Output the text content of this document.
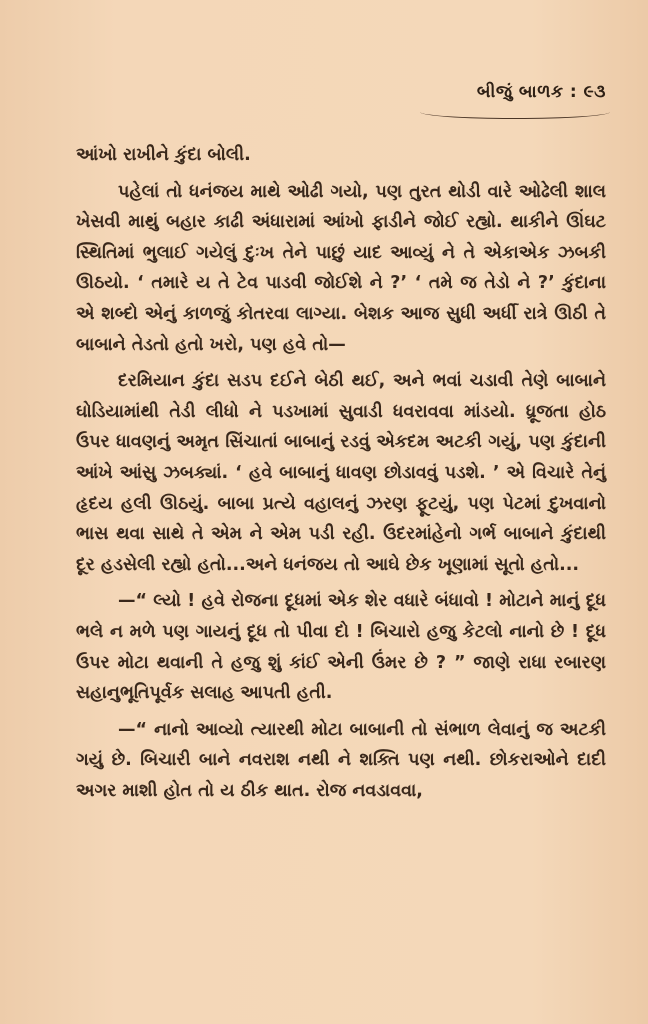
બીજું બાળક : ૯૩

આંખો રાખીને કુંદા બોલી.

પહેલાં તો ધનંજય માથે ઓઢી ગયો, પણ તુરત થોડી વારે ઓઢેલી શાલ ખેસવી માથું બહાર કાઢી અંધારામાં આંખો ફાડીને જોઈ રહ્યો. થાકીને ઊંઘટ સ્થિતિમાં ભુલાઈ ગયેલું દુઃખ તેને પાછું યાદ આવ્યું ને તે એકાએક ઝબકી ઊઠયો. ‘ તમારે ય તે ટેવ પાડવી જોઈશે ને ?’ ‘ તમે જ તેડો ને ?’ કુંદાના એ શબ્દો એનું કાળજું કોતરવા લાગ્યા. બેશક આજ સુધી અર્ધી રાત્રે ઊઠી તે બાબાને તેડતો હતો ખરો, પણ હવે તો—

દરમિયાન કુંદા સડપ દઈને બેઠી થઈ, અને ભવાં ચડાવી તેણે બાબાને ઘોડિયામાંથી તેડી લીધો ને પડખામાં સુવાડી ધવરાવવા માંડયો. ધ્રૂજતા હોઠ ઉપર ધાવણનું અમૃત સિંચાતાં બાબાનું રડવું એકદમ અટકી ગયું, પણ કુંદાની આંખે આંસુ ઝબક્યાં. ‘ હવે બાબાનું ધાવણ છોડાવવું પડશે. ’ એ વિચારે તેનું હૃદય હલી ઊઠયું. બાબા પ્રત્યે વહાલનું ઝરણ ફૂટયું, પણ પેટમાં દુખવાનો ભાસ થવા સાથે તે એમ ને એમ પડી રહી. ઉદરમાંહેનો ગર્ભ બાબાને કુંદાથી દૂર હડસેલી રહ્યો હતો...અને ધનંજય તો આઘે છેક ખૂણામાં સૂતો હતો...

—“ લ્યો ! હવે રોજના દૂધમાં એક શેર વધારે બંધાવો ! મોટાને માનું દૂધ ભલે ન મળે પણ ગાયનું દૂધ તો પીવા દો ! બિચારો હજુ કેટલો નાનો છે ! દૂધ ઉપર મોટા થવાની તે હજુ શું કાંઈ એની ઉંમર છે ? ” જાણે રાધા રબારણ સહાનુભૂતિપૂર્વક સલાહ આપતી હતી.

—“ નાનો આવ્યો ત્યારથી મોટા બાબાની તો સંભાળ લેવાનું જ અટકી ગયું છે. બિચારી બાને નવરાશ નથી ને શક્તિ પણ નથી. છોકરાઓને દાદી અગર માશી હોત તો ય ઠીક થાત. રોજ નવડાવવા,
